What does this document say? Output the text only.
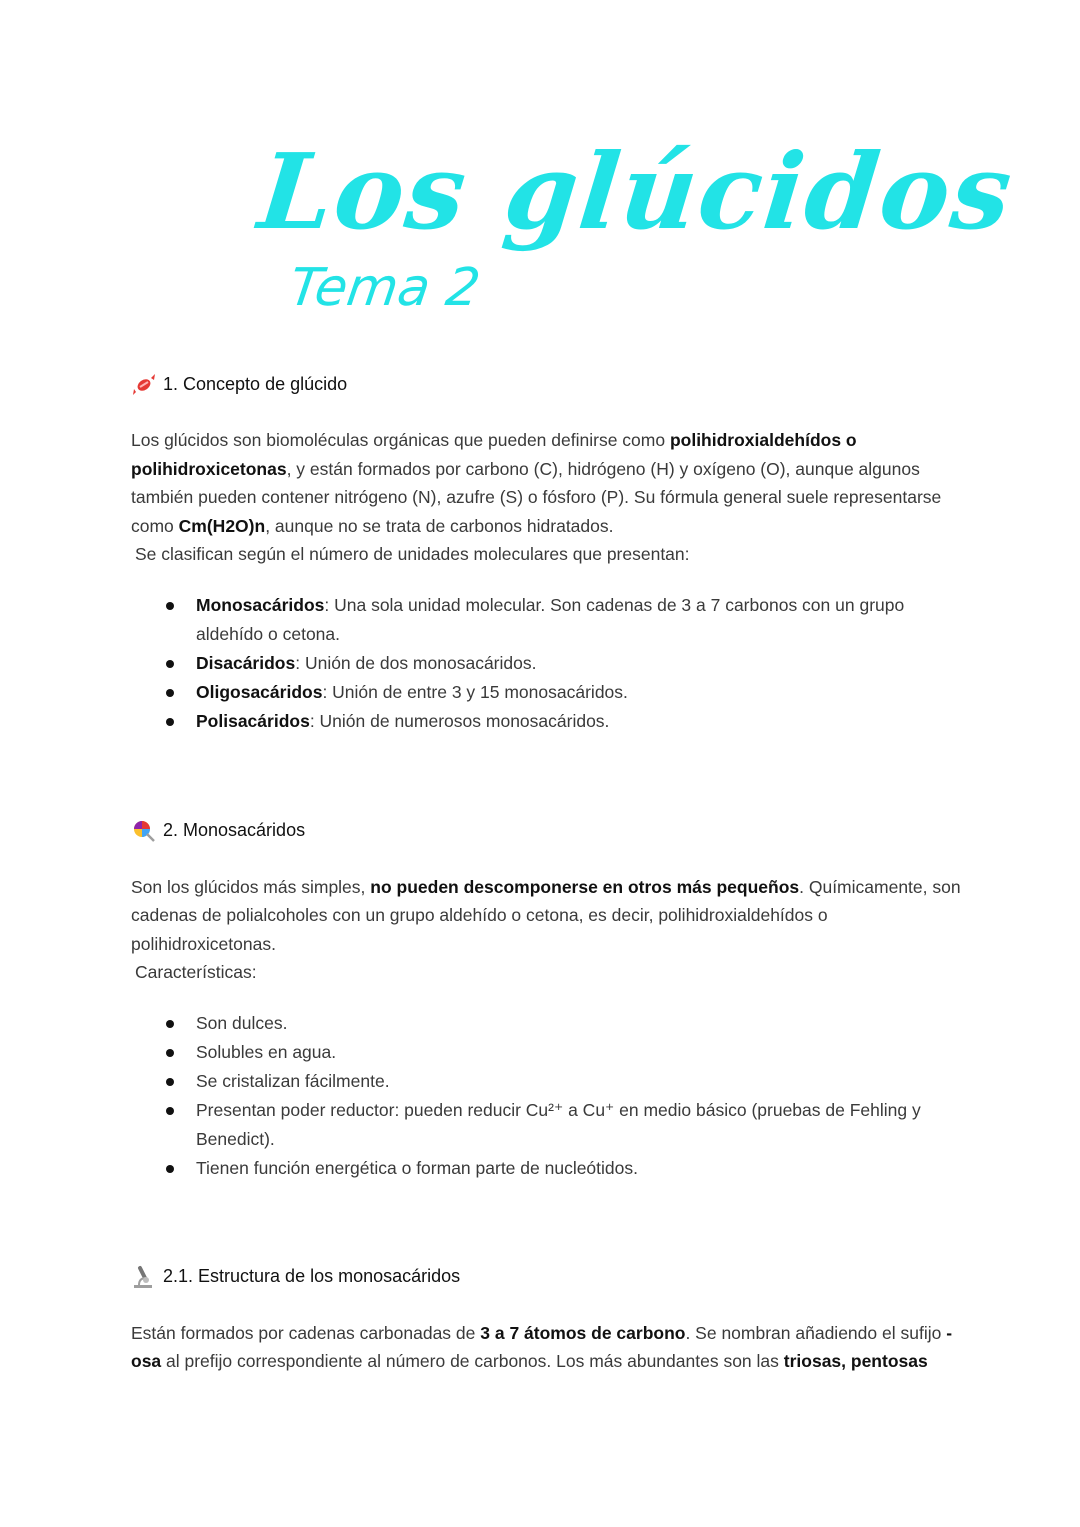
Los glúcidos
Tema 2
1. Concepto de glúcido

Los glúcidos son biomoléculas orgánicas que pueden definirse como polihidroxialdehídos o polihidroxicetonas, y están formados por carbono (C), hidrógeno (H) y oxígeno (O), aunque algunos también pueden contener nitrógeno (N), azufre (S) o fósforo (P). Su fórmula general suele representarse como Cm(H2O)n, aunque no se trata de carbonos hidratados.

Se clasifican según el número de unidades moleculares que presentan:

Monosacáridos: Una sola unidad molecular. Son cadenas de 3 a 7 carbonos con un grupo aldehído o cetona.
Disacáridos: Unión de dos monosacáridos.
Oligosacáridos: Unión de entre 3 y 15 monosacáridos.
Polisacáridos: Unión de numerosos monosacáridos.
2. Monosacáridos

Son los glúcidos más simples, no pueden descomponerse en otros más pequeños. Químicamente, son cadenas de polialcoholes con un grupo aldehído o cetona, es decir, polihidroxialdehídos o polihidroxicetonas.

Características:

Son dulces.
Solubles en agua.
Se cristalizan fácilmente.
Presentan poder reductor: pueden reducir Cu²⁺ a Cu⁺ en medio básico (pruebas de Fehling y Benedict).
Tienen función energética o forman parte de nucleótidos.
2.1. Estructura de los monosacáridos

Están formados por cadenas carbonadas de 3 a 7 átomos de carbono. Se nombran añadiendo el sufijo -osa al prefijo correspondiente al número de carbonos. Los más abundantes son las triosas, pentosas
